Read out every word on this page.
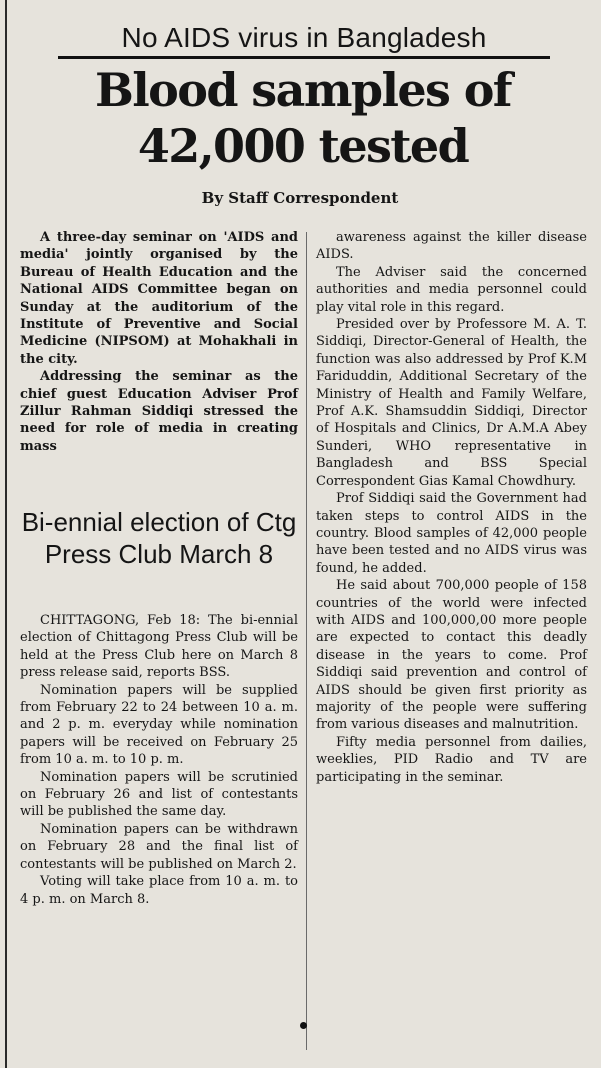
No AIDS virus in Bangladesh
Blood samples of 42,000 tested
By Staff Correspondent

A three-day seminar on 'AIDS and media' jointly organised by the Bureau of Health Education and the National AIDS Committee began on Sunday at the auditorium of the Institute of Preventive and Social Medicine (NIPSOM) at Mohakhali in the city.

Addressing the seminar as the chief guest Education Adviser Prof Zillur Rahman Siddiqi stressed the need for role of media in creating mass

Bi-ennial election of Ctg Press Club March 8

CHITTAGONG, Feb 18: The bi-ennial election of Chittagong Press Club will be held at the Press Club here on March 8 press release said, reports BSS.

Nomination papers will be supplied from February 22 to 24 between 10 a. m. and 2 p. m. everyday while nomination papers will be received on February 25 from 10 a. m. to 10 p. m.

Nomination papers will be scrutinied on February 26 and list of contestants will be published the same day.

Nomination papers can be withdrawn on February 28 and the final list of contestants will be published on March 2.

Voting will take place from 10 a. m. to 4 p. m. on March 8.

awareness against the killer disease AIDS.

The Adviser said the concerned authorities and media personnel could play vital role in this regard.

Presided over by Professore M. A. T. Siddiqi, Director-General of Health, the function was also addressed by Prof K.M Fariduddin, Additional Secretary of the Ministry of Health and Family Welfare, Prof A.K. Shamsuddin Siddiqi, Director of Hospitals and Clinics, Dr A.M.A Abey Sunderi, WHO representative in Bangladesh and BSS Special Correspondent Gias Kamal Chowdhury.

Prof Siddiqi said the Government had taken steps to control AIDS in the country. Blood samples of 42,000 people have been tested and no AIDS virus was found, he added.

He said about 700,000 people of 158 countries of the world were infected with AIDS and 100,000,00 more people are expected to contact this deadly disease in the years to come. Prof Siddiqi said prevention and control of AIDS should be given first priority as majority of the people were suffering from various diseases and malnutrition.

Fifty media personnel from dailies, weeklies, PID Radio and TV are participating in the seminar.
